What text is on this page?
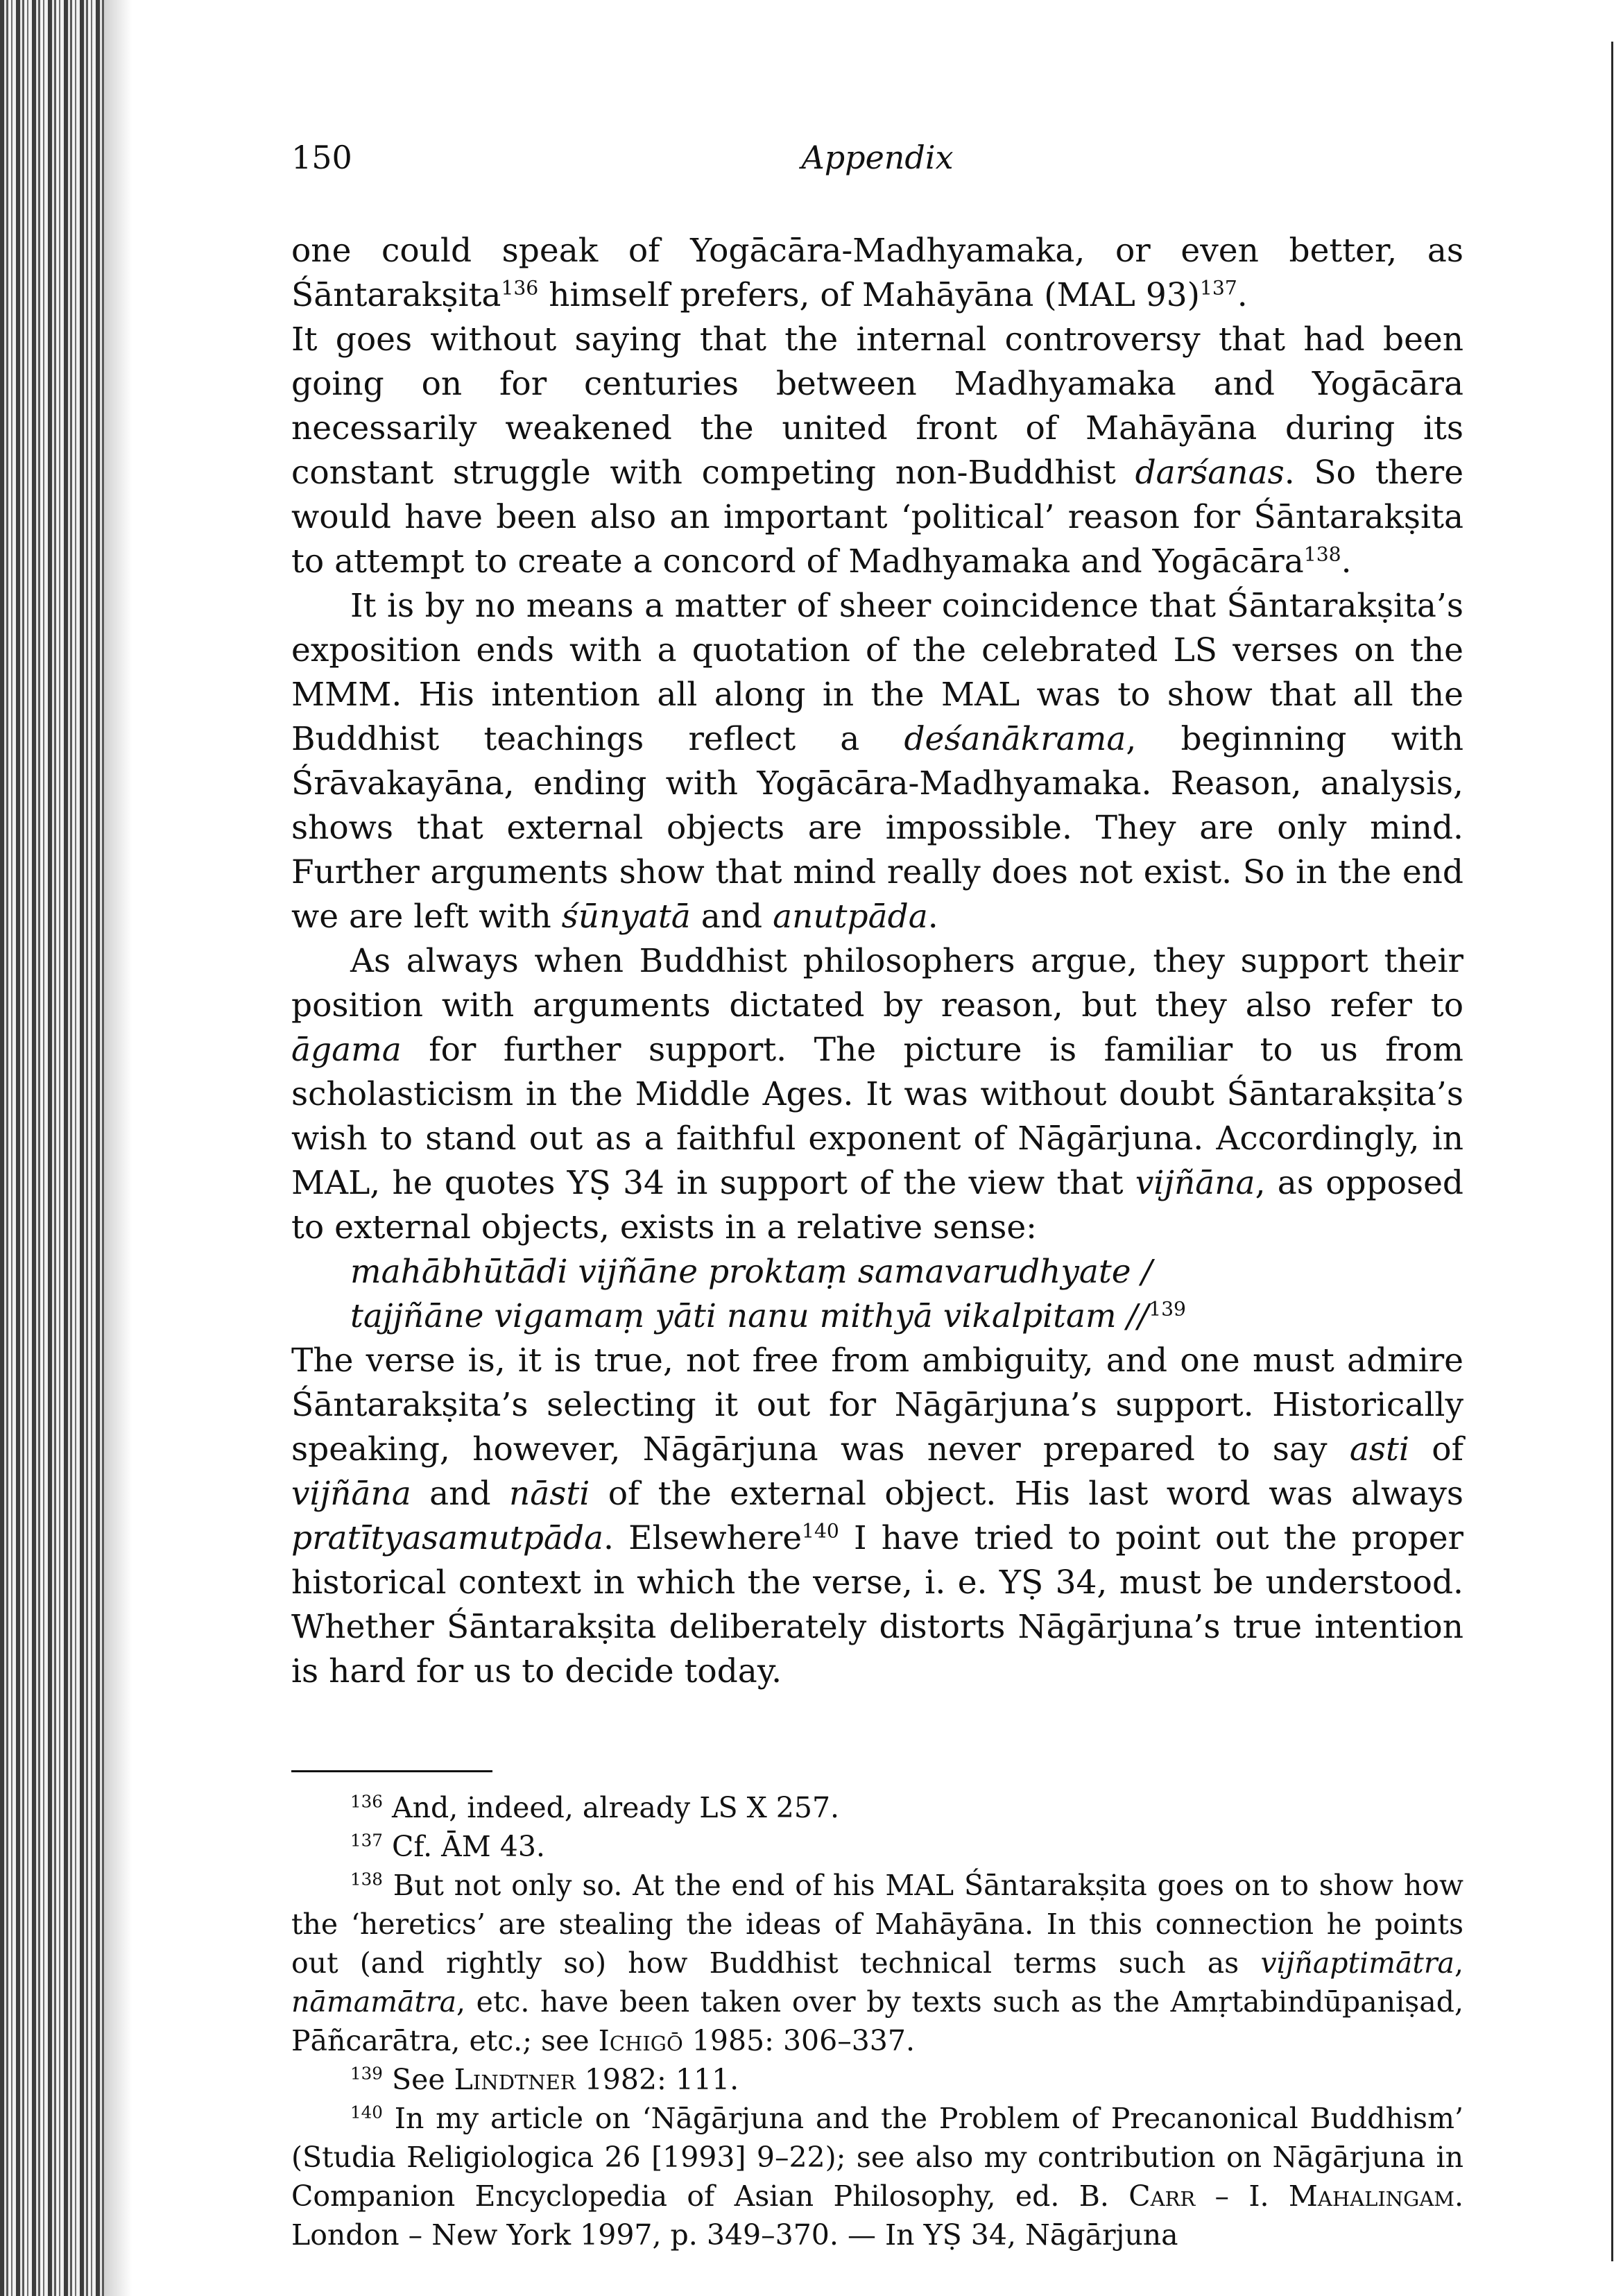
150	Appendix

one could speak of Yogācāra-Madhyamaka, or even better, as Śāntarakṣita$^{136}$ himself prefers, of Mahāyāna (MAL 93)$^{137}$.

It goes without saying that the internal controversy that had been going on for centuries between Madhyamaka and Yogācāra necessarily weakened the united front of Mahāyāna during its constant struggle with competing non-Buddhist darśanas. So there would have been also an important ‘political’ reason for Śāntarakṣita to attempt to create a concord of Madhyamaka and Yogācāra$^{138}$.

It is by no means a matter of sheer coincidence that Śāntarakṣita’s exposition ends with a quotation of the celebrated LS verses on the MMM. His intention all along in the MAL was to show that all the Buddhist teachings reflect a deśanākrama, beginning with Śrāvakayāna, ending with Yogācāra-Madhyamaka. Reason, analysis, shows that external objects are impossible. They are only mind. Further arguments show that mind really does not exist. So in the end we are left with śūnyatā and anutpāda.

As always when Buddhist philosophers argue, they support their position with arguments dictated by reason, but they also refer to āgama for further support. The picture is familiar to us from scholasticism in the Middle Ages. It was without doubt Śāntarakṣita’s wish to stand out as a faithful exponent of Nāgārjuna. Accordingly, in MAL, he quotes YṢ 34 in support of the view that vijñāna, as opposed to external objects, exists in a relative sense:

mahābhūtādi vijñāne proktaṃ samavarudhyate /
tajjñāne vigamaṃ yāti nanu mithyā vikalpitam //$^{139}$

The verse is, it is true, not free from ambiguity, and one must admire Śāntarakṣita’s selecting it out for Nāgārjuna’s support. Historically speaking, however, Nāgārjuna was never prepared to say asti of vijñāna and nāsti of the external object. His last word was always pratītyasamutpāda. Elsewhere$^{140}$ I have tried to point out the proper historical context in which the verse, i. e. YṢ 34, must be understood. Whether Śāntarakṣita deliberately distorts Nāgārjuna’s true intention is hard for us to decide today.

$^{136}$ And, indeed, already LS X 257.

$^{137}$ Cf. ĀM 43.

$^{138}$ But not only so. At the end of his MAL Śāntarakṣita goes on to show how the ‘heretics’ are stealing the ideas of Mahāyāna. In this connection he points out (and rightly so) how Buddhist technical terms such as vijñaptimātra, nāmamātra, etc. have been taken over by texts such as the Amṛtabindūpaniṣad, Pāñcarātra, etc.; see Ichigō 1985: 306–337.

$^{139}$ See Lindtner 1982: 111.

$^{140}$ In my article on ‘Nāgārjuna and the Problem of Precanonical Buddhism’ (Studia Religiologica 26 [1993] 9–22); see also my contribution on Nāgārjuna in Companion Encyclopedia of Asian Philosophy, ed. B. Carr – I. Mahalingam. London – New York 1997, p. 349–370. — In YṢ 34, Nāgārjuna
